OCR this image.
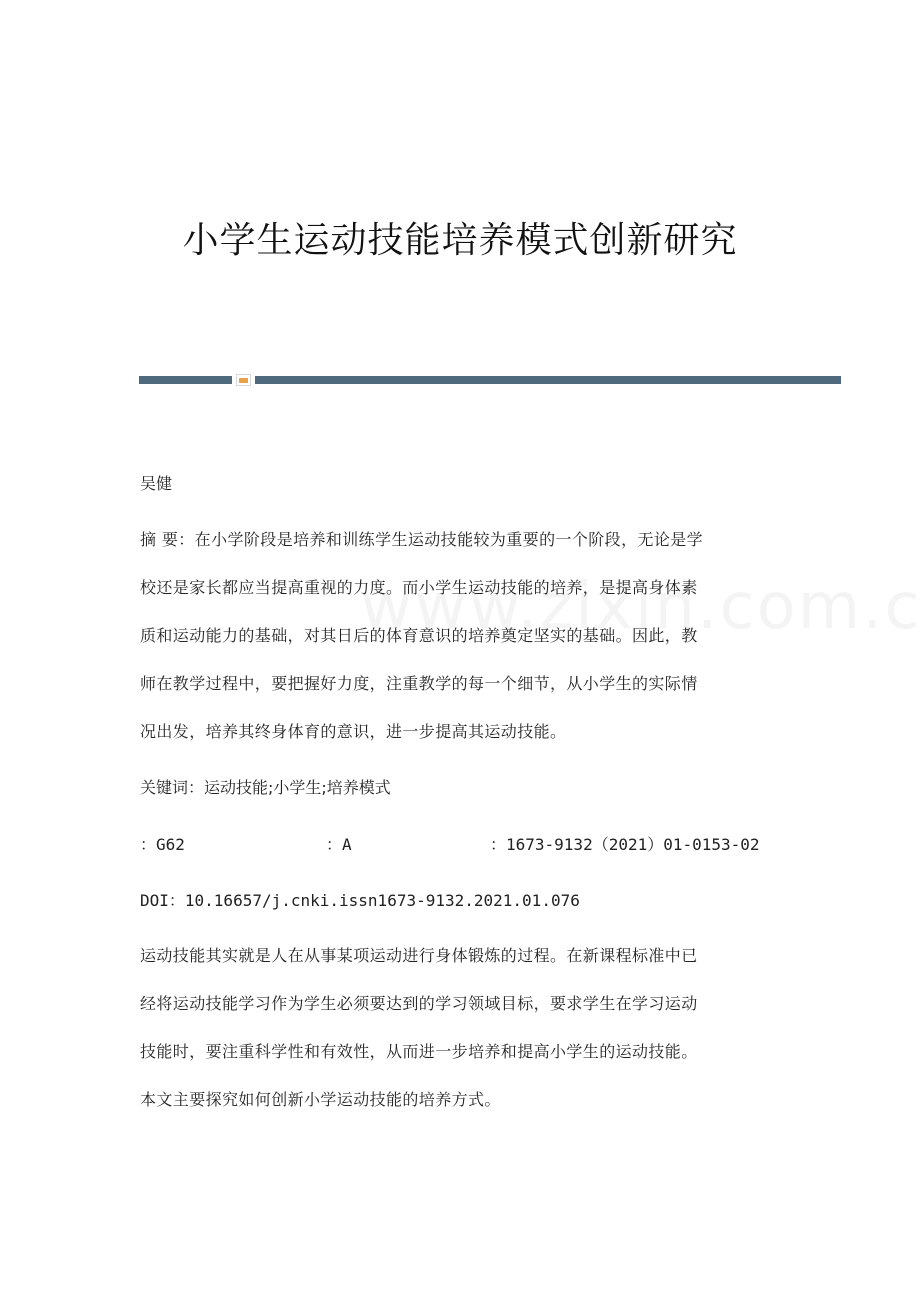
小学生运动技能培养模式创新研究
吴健
摘 要：在小学阶段是培养和训练学生运动技能较为重要的一个阶段，无论是学
校还是家长都应当提高重视的力度。而小学生运动技能的培养，是提高身体素
质和运动能力的基础，对其日后的体育意识的培养奠定坚实的基础。因此，教
师在教学过程中，要把握好力度，注重教学的每一个细节，从小学生的实际情
况出发，培养其终身体育的意识，进一步提高其运动技能。
关键词：运动技能;小学生;培养模式
：G62	：A	：1673-9132（2021）01-0153-02
DOI：10.16657/j.cnki.issn1673-9132.2021.01.076
运动技能其实就是人在从事某项运动进行身体锻炼的过程。在新课程标准中已
经将运动技能学习作为学生必须要达到的学习领域目标，要求学生在学习运动
技能时，要注重科学性和有效性，从而进一步培养和提高小学生的运动技能。
本文主要探究如何创新小学运动技能的培养方式。
